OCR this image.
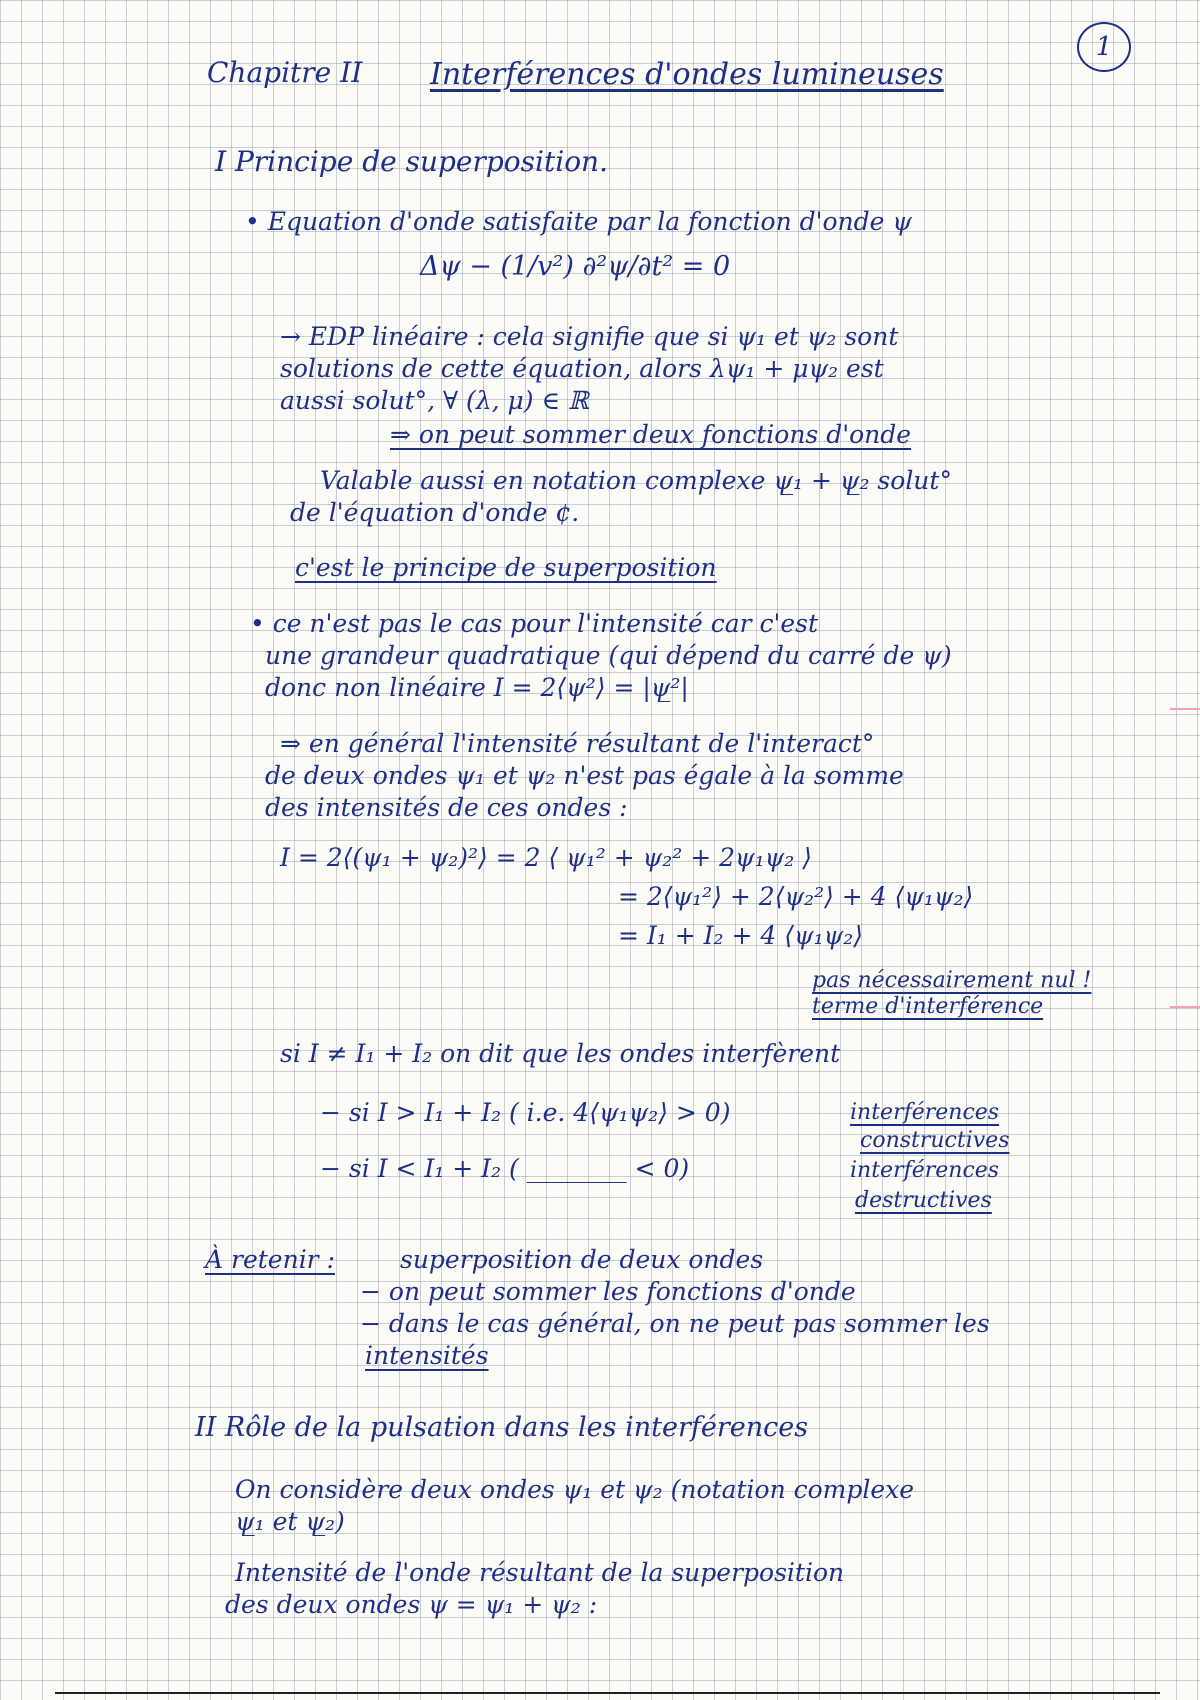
1
Chapitre II Interférences d'ondes lumineuses
I Principe de superposition.
• Equation d'onde satisfaite par la fonction d'onde ψ
Δψ − (1/v²) ∂²ψ/∂t² = 0
→ EDP linéaire : cela signifie que si ψ₁ et ψ₂ sont
solutions de cette équation, alors λψ₁ + μψ₂ est
aussi solut°, ∀ (λ, μ) ∈ ℝ
⇒ on peut sommer deux fonctions d'onde
Valable aussi en notation complexe ψ̲₁ + ψ̲₂ solut°
de l'équation d'onde ¢.
c'est le principe de superposition
• ce n'est pas le cas pour l'intensité car c'est
une grandeur quadratique (qui dépend du carré de ψ)
donc non linéaire I = 2⟨ψ²⟩ = |ψ̲²|
⇒ en général l'intensité résultant de l'interact°
de deux ondes ψ₁ et ψ₂ n'est pas égale à la somme
des intensités de ces ondes :
I = 2⟨(ψ₁ + ψ₂)²⟩ = 2 ⟨ ψ₁² + ψ₂² + 2ψ₁ψ₂ ⟩
= 2⟨ψ₁²⟩ + 2⟨ψ₂²⟩ + 4 ⟨ψ₁ψ₂⟩
= I₁ + I₂ + 4 ⟨ψ₁ψ₂⟩
pas nécessairement nul !
terme d'interférence
si I ≠ I₁ + I₂ on dit que les ondes interfèrent
− si I > I₁ + I₂ ( i.e. 4⟨ψ₁ψ₂⟩ > 0)	interférences
constructives
− si I < I₁ + I₂ ( ________ < 0)	interférences
destructives
À retenir :	superposition de deux ondes
− on peut sommer les fonctions d'onde
− dans le cas général, on ne peut pas sommer les
intensités
II Rôle de la pulsation dans les interférences
On considère deux ondes ψ₁ et ψ₂ (notation complexe
ψ̲₁ et ψ̲₂)
Intensité de l'onde résultant de la superposition
des deux ondes ψ = ψ₁ + ψ₂ :
